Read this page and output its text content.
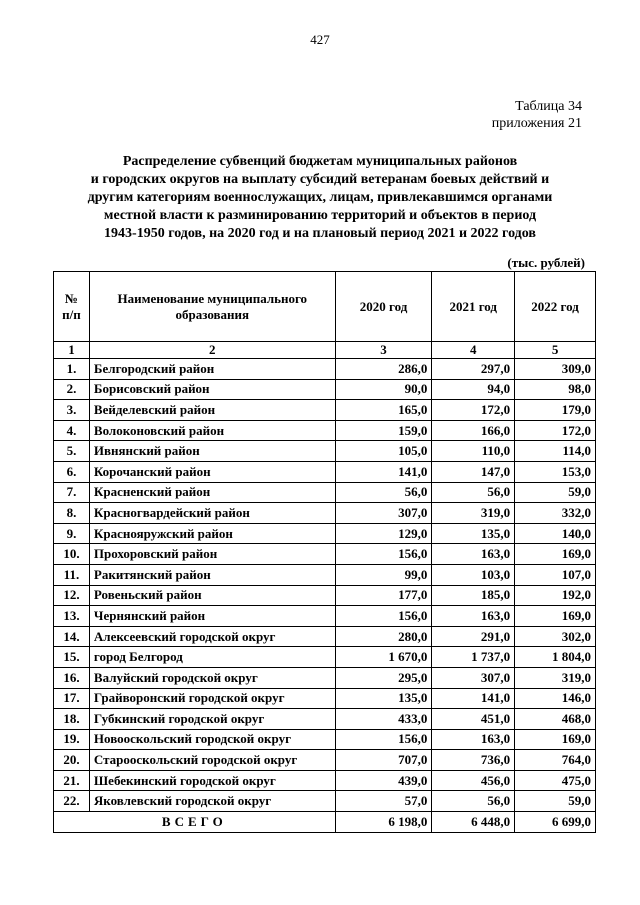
427
Таблица 34
приложения 21
Распределение субвенций бюджетам муниципальных районов
и городских округов на выплату субсидий ветеранам боевых действий и
другим категориям военнослужащих, лицам, привлекавшимся органами
местной власти к разминированию территорий и объектов в период
1943-1950 годов, на 2020 год и на плановый период 2021 и 2022 годов
(тыс. рублей)
№ п/п	Наименование муниципального образования	2020 год	2021 год	2022 год
1	2	3	4	5
1.	Белгородский район	286,0	297,0	309,0
2.	Борисовский район	90,0	94,0	98,0
3.	Вейделевский район	165,0	172,0	179,0
4.	Волоконовский район	159,0	166,0	172,0
5.	Ивнянский район	105,0	110,0	114,0
6.	Корочанский район	141,0	147,0	153,0
7.	Красненский район	56,0	56,0	59,0
8.	Красногвардейский район	307,0	319,0	332,0
9.	Краснояружский район	129,0	135,0	140,0
10.	Прохоровский район	156,0	163,0	169,0
11.	Ракитянский район	99,0	103,0	107,0
12.	Ровеньский район	177,0	185,0	192,0
13.	Чернянский район	156,0	163,0	169,0
14.	Алексеевский городской округ	280,0	291,0	302,0
15.	город Белгород	1 670,0	1 737,0	1 804,0
16.	Валуйский городской округ	295,0	307,0	319,0
17.	Грайворонский городской округ	135,0	141,0	146,0
18.	Губкинский городской округ	433,0	451,0	468,0
19.	Новооскольский городской округ	156,0	163,0	169,0
20.	Старооскольский городской округ	707,0	736,0	764,0
21.	Шебекинский городской округ	439,0	456,0	475,0
22.	Яковлевский городской округ	57,0	56,0	59,0
ВСЕГО		6 198,0	6 448,0	6 699,0
